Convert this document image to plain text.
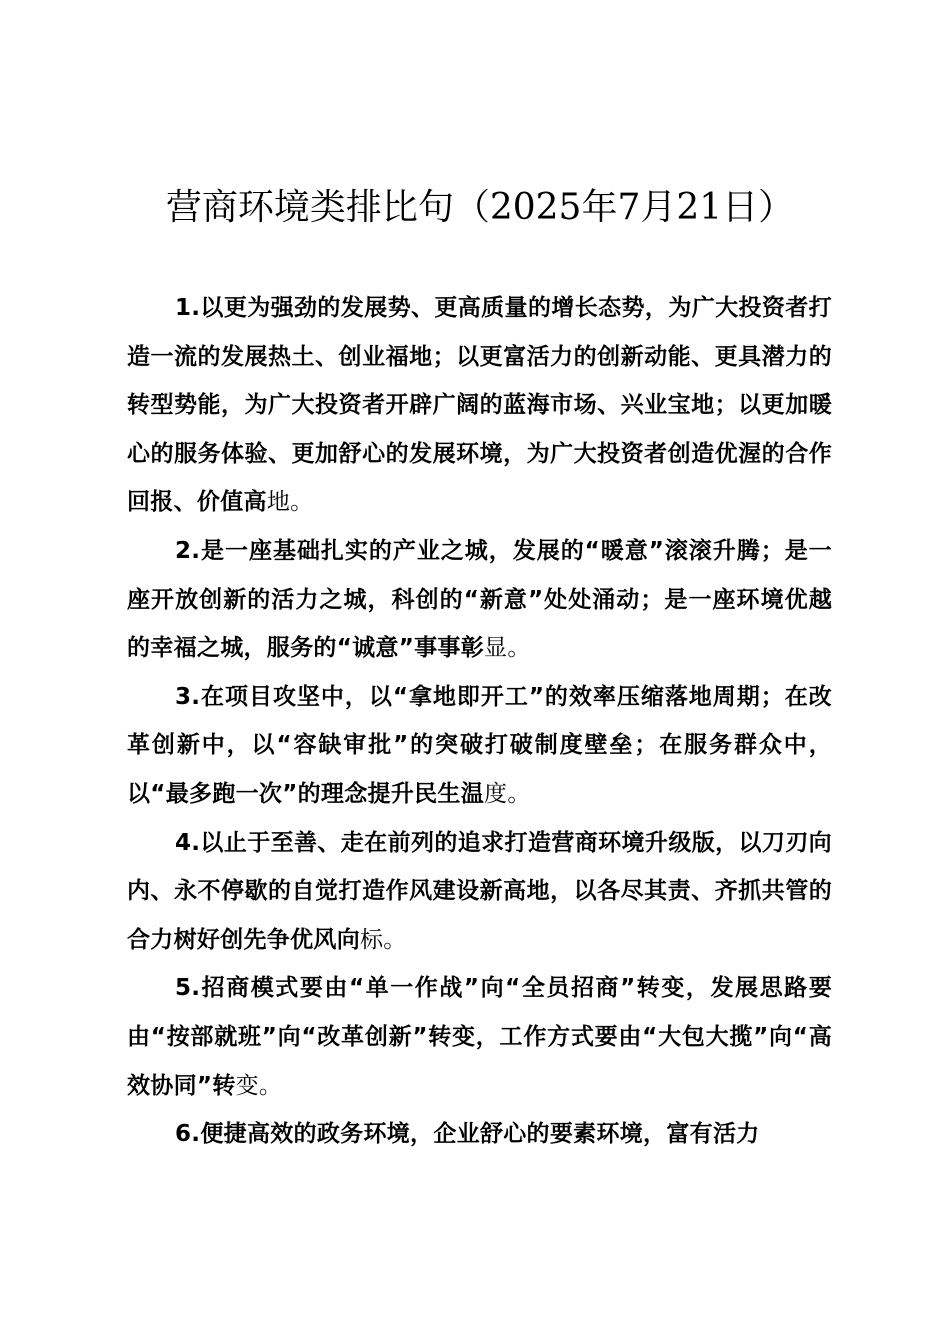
营商环境类排比句（2025年7月21日）

1.以更为强劲的发展势、更高质量的增长态势，为广大投资者打造一流的发展热土、创业福地；以更富活力的创新动能、更具潜力的转型势能，为广大投资者开辟广阔的蓝海市场、兴业宝地；以更加暖心的服务体验、更加舒心的发展环境，为广大投资者创造优渥的合作回报、价值高地。

2.是一座基础扎实的产业之城，发展的“暖意”滚滚升腾；是一座开放创新的活力之城，科创的“新意”处处涌动；是一座环境优越的幸福之城，服务的“诚意”事事彰显。

3.在项目攻坚中，以“拿地即开工”的效率压缩落地周期；在改革创新中，以“容缺审批”的突破打破制度壁垒；在服务群众中，以“最多跑一次”的理念提升民生温度。

4.以止于至善、走在前列的追求打造营商环境升级版，以刀刃向内、永不停歇的自觉打造作风建设新高地，以各尽其责、齐抓共管的合力树好创先争优风向标。

5.招商模式要由“单一作战”向“全员招商”转变，发展思路要由“按部就班”向“改革创新”转变，工作方式要由“大包大揽”向“高效协同”转变。

6.便捷高效的政务环境，企业舒心的要素环境，富有活力
